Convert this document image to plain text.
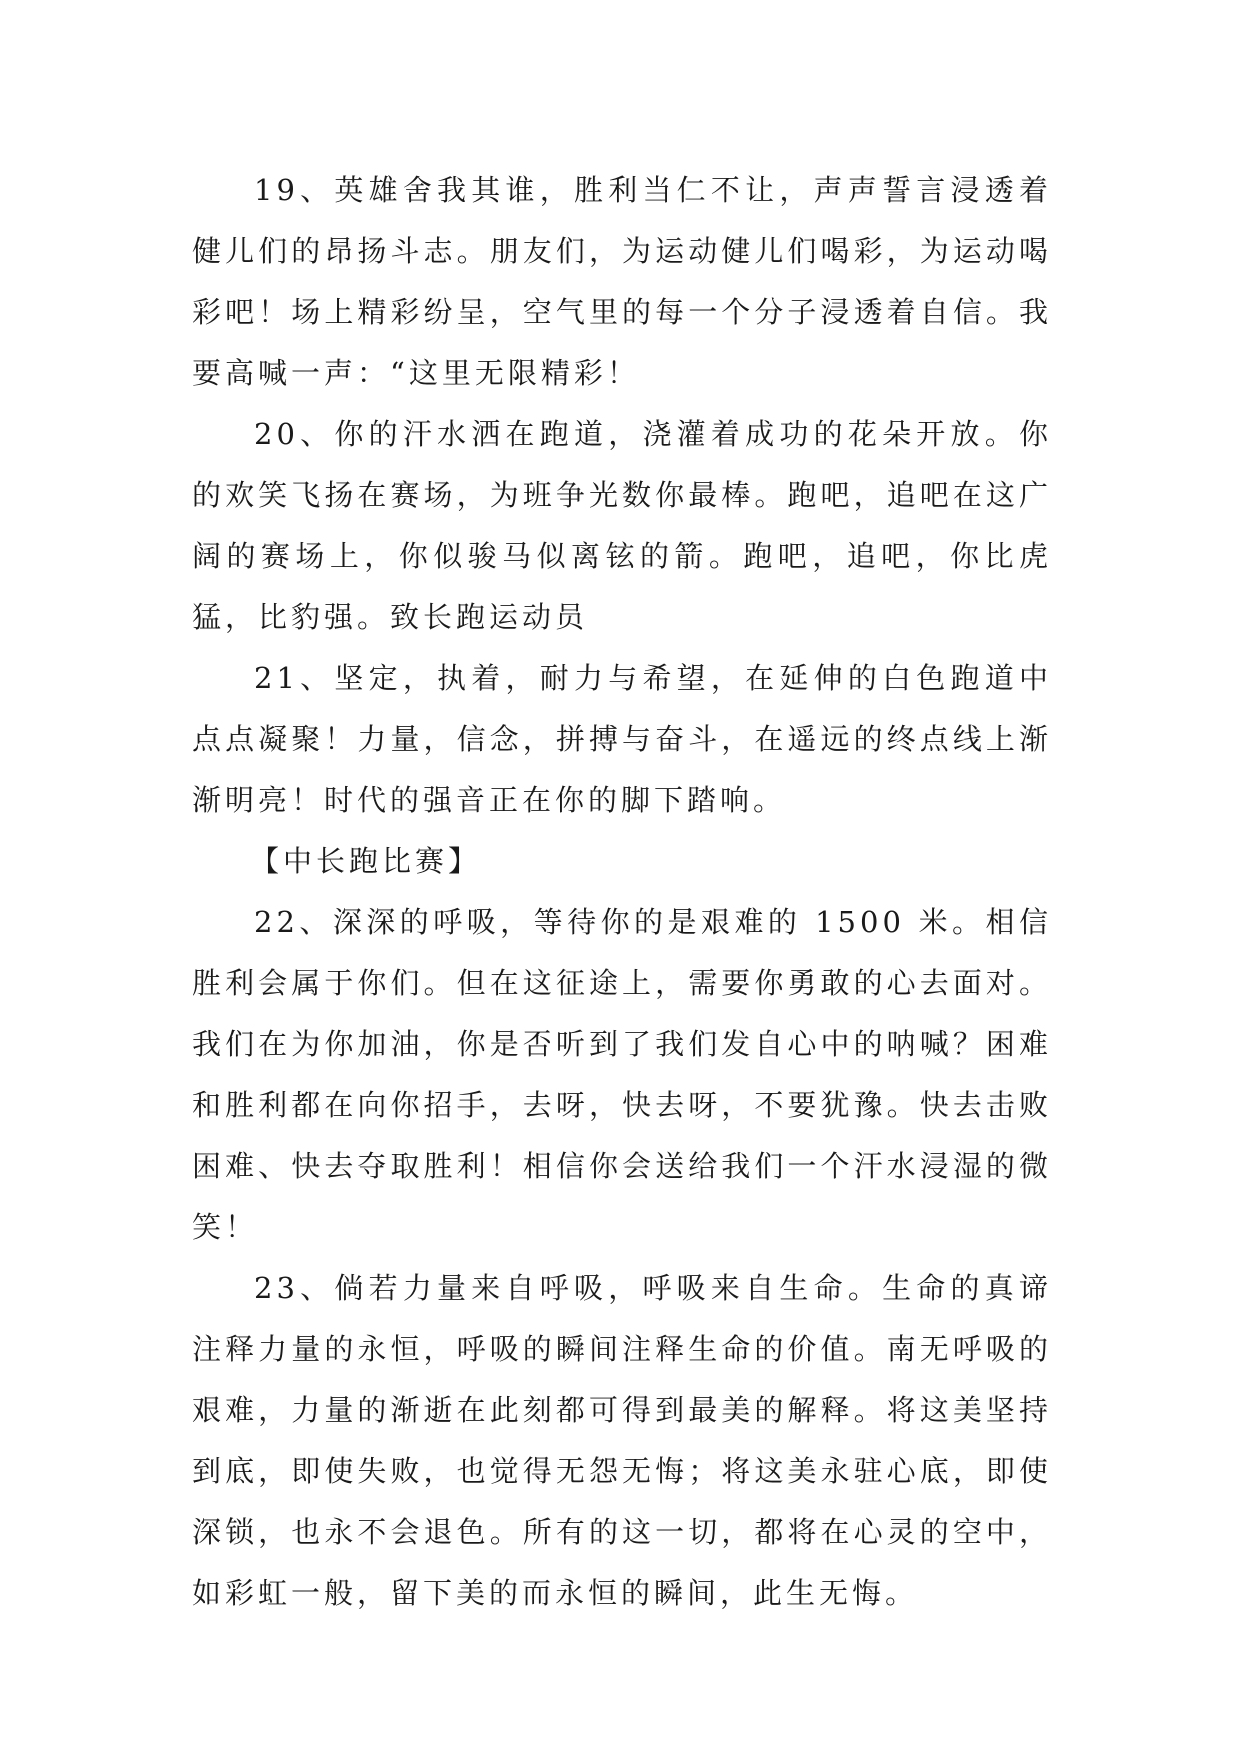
19、英雄舍我其谁，胜利当仁不让，声声誓言浸透着健儿们的昂扬斗志。朋友们，为运动健儿们喝彩，为运动喝彩吧！场上精彩纷呈，空气里的每一个分子浸透着自信。我要高喊一声：“这里无限精彩！

20、你的汗水洒在跑道，浇灌着成功的花朵开放。你的欢笑飞扬在赛场，为班争光数你最棒。跑吧，追吧在这广阔的赛场上，你似骏马似离铉的箭。跑吧，追吧，你比虎猛，比豹强。致长跑运动员

21、坚定，执着，耐力与希望，在延伸的白色跑道中点点凝聚！力量，信念，拼搏与奋斗，在遥远的终点线上渐渐明亮！时代的强音正在你的脚下踏响。

【中长跑比赛】

22、深深的呼吸，等待你的是艰难的 1500 米。相信胜利会属于你们。但在这征途上，需要你勇敢的心去面对。我们在为你加油，你是否听到了我们发自心中的呐喊？困难和胜利都在向你招手，去呀，快去呀，不要犹豫。快去击败困难、快去夺取胜利！相信你会送给我们一个汗水浸湿的微笑！

23、倘若力量来自呼吸，呼吸来自生命。生命的真谛注释力量的永恒，呼吸的瞬间注释生命的价值。南无呼吸的艰难，力量的渐逝在此刻都可得到最美的解释。将这美坚持到底，即使失败，也觉得无怨无悔；将这美永驻心底，即使深锁，也永不会退色。所有的这一切，都将在心灵的空中，如彩虹一般，留下美的而永恒的瞬间，此生无悔。
